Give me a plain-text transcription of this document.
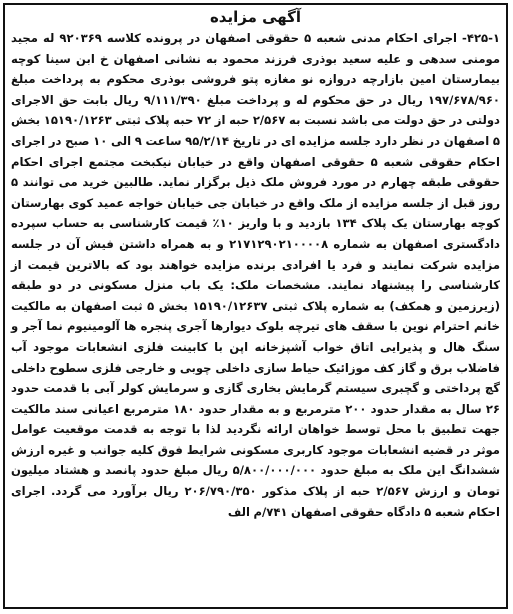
آگهی مزایده

۴۲۵-۱- اجرای احکام مدنی شعبه ۵ حقوقی اصفهان در پرونده کلاسه ۹۲۰۳۶۹ له مجید مومنی سدهی و علیه سعید بوذری فرزند محمود به نشانی اصفهان خ ابن سینا کوچه بیمارستان امین بازارچه دروازه نو مغازه پتو فروشی بوذری محکوم به پرداخت مبلغ ۱۹۷/۶۷۸/۹۶۰ ریال در حق محکوم له و پرداخت مبلغ ۹/۱۱۱/۳۹۰ ریال بابت حق الاجرای دولتی در حق دولت می باشد نسبت به ۲/۵۶۷ حبه از ۷۲ حبه پلاک ثبتی ۱۵۱۹۰/۱۲۶۳ بخش ۵ اصفهان در نظر دارد جلسه مزایده ای در تاریخ ۹۵/۲/۱۴ ساعت ۹ الی ۱۰ صبح در اجرای احکام حقوقی شعبه ۵ حقوقی اصفهان واقع در خیابان نیکبخت مجتمع اجرای احکام حقوقی طبقه چهارم در مورد فروش ملک ذیل برگزار نماید. طالبین خرید می توانند ۵ روز قبل از جلسه مزایده از ملک واقع در خیابان جی خیابان خواجه عمید کوی بهارستان کوچه بهارستان یک پلاک ۱۳۴ بازدید و با واریز ۱۰٪ قیمت کارشناسی به حساب سپرده دادگستری اصفهان به شماره ۲۱۷۱۲۹۰۲۱۰۰۰۰۸ و به همراه داشتن فیش آن در جلسه مزایده شرکت نمایند و فرد یا افرادی برنده مزایده خواهند بود که بالاترین قیمت از کارشناسی را پیشنهاد نمایند. مشخصات ملک: یک باب منزل مسکونی در دو طبقه (زیرزمین و همکف) به شماره پلاک ثبتی ۱۵۱۹۰/۱۲۶۳۷ بخش ۵ ثبت اصفهان به مالکیت خانم احترام نوین با سقف های تیرچه بلوک دیوارها آجری پنجره ها آلومینیوم نما آجر و سنگ هال و پذیرایی اتاق خواب آشپزخانه اپن با کابینت فلزی انشعابات موجود آب فاضلاب برق و گاز کف موزائیک حیاط سازی داخلی چوبی و خارجی فلزی سطوح داخلی گچ پرداختی و گچبری سیستم گرمایش بخاری گازی و سرمایش کولر آبی با قدمت حدود ۲۶ سال به مقدار حدود ۲۰۰ مترمربع و به مقدار حدود ۱۸۰ مترمربع اعیانی سند مالکیت جهت تطبیق با محل توسط خواهان ارائه نگردید لذا با توجه به قدمت موقعیت عوامل موثر در قضیه انشعابات موجود کاربری مسکونی شرایط فوق کلیه جوانب و غیره ارزش ششدانگ این ملک به مبلغ حدود ۵/۸۰۰/۰۰۰/۰۰۰ ریال مبلغ حدود پانصد و هشتاد میلیون تومان و ارزش ۲/۵۶۷ حبه از پلاک مذکور ۲۰۶/۷۹۰/۳۵۰ ریال برآورد می گردد. اجرای احکام شعبه ۵ دادگاه حقوقی اصفهان ۷۴۱/م الف
